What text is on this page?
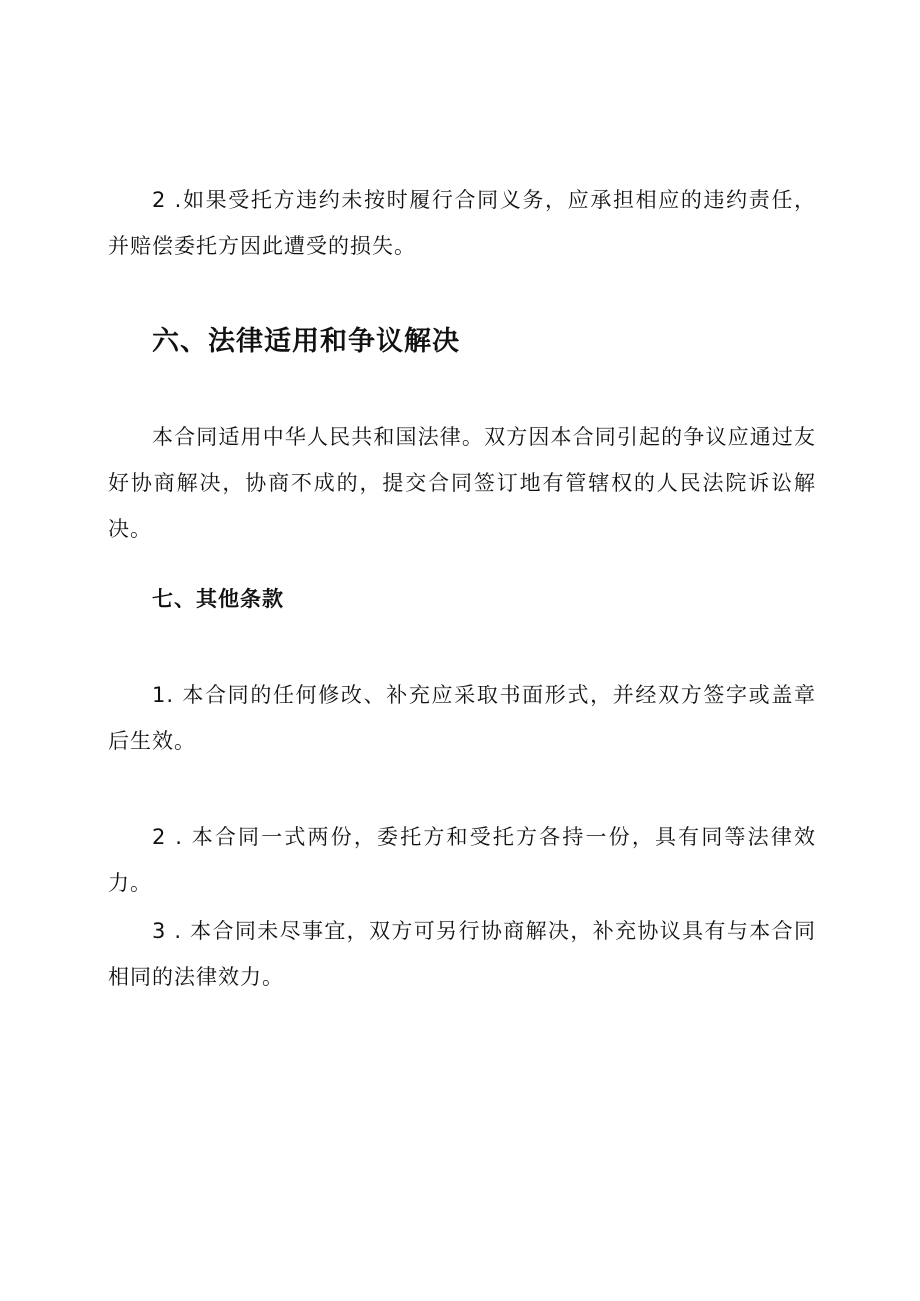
2 .如果受托方违约未按时履行合同义务，应承担相应的违约责任，并赔偿委托方因此遭受的损失。

六、法律适用和争议解决

本合同适用中华人民共和国法律。双方因本合同引起的争议应通过友好协商解决，协商不成的，提交合同签订地有管辖权的人民法院诉讼解决。

七、其他条款

1. 本合同的任何修改、补充应采取书面形式，并经双方签字或盖章后生效。

2 . 本合同一式两份，委托方和受托方各持一份，具有同等法律效力。

3 . 本合同未尽事宜，双方可另行协商解决，补充协议具有与本合同相同的法律效力。
